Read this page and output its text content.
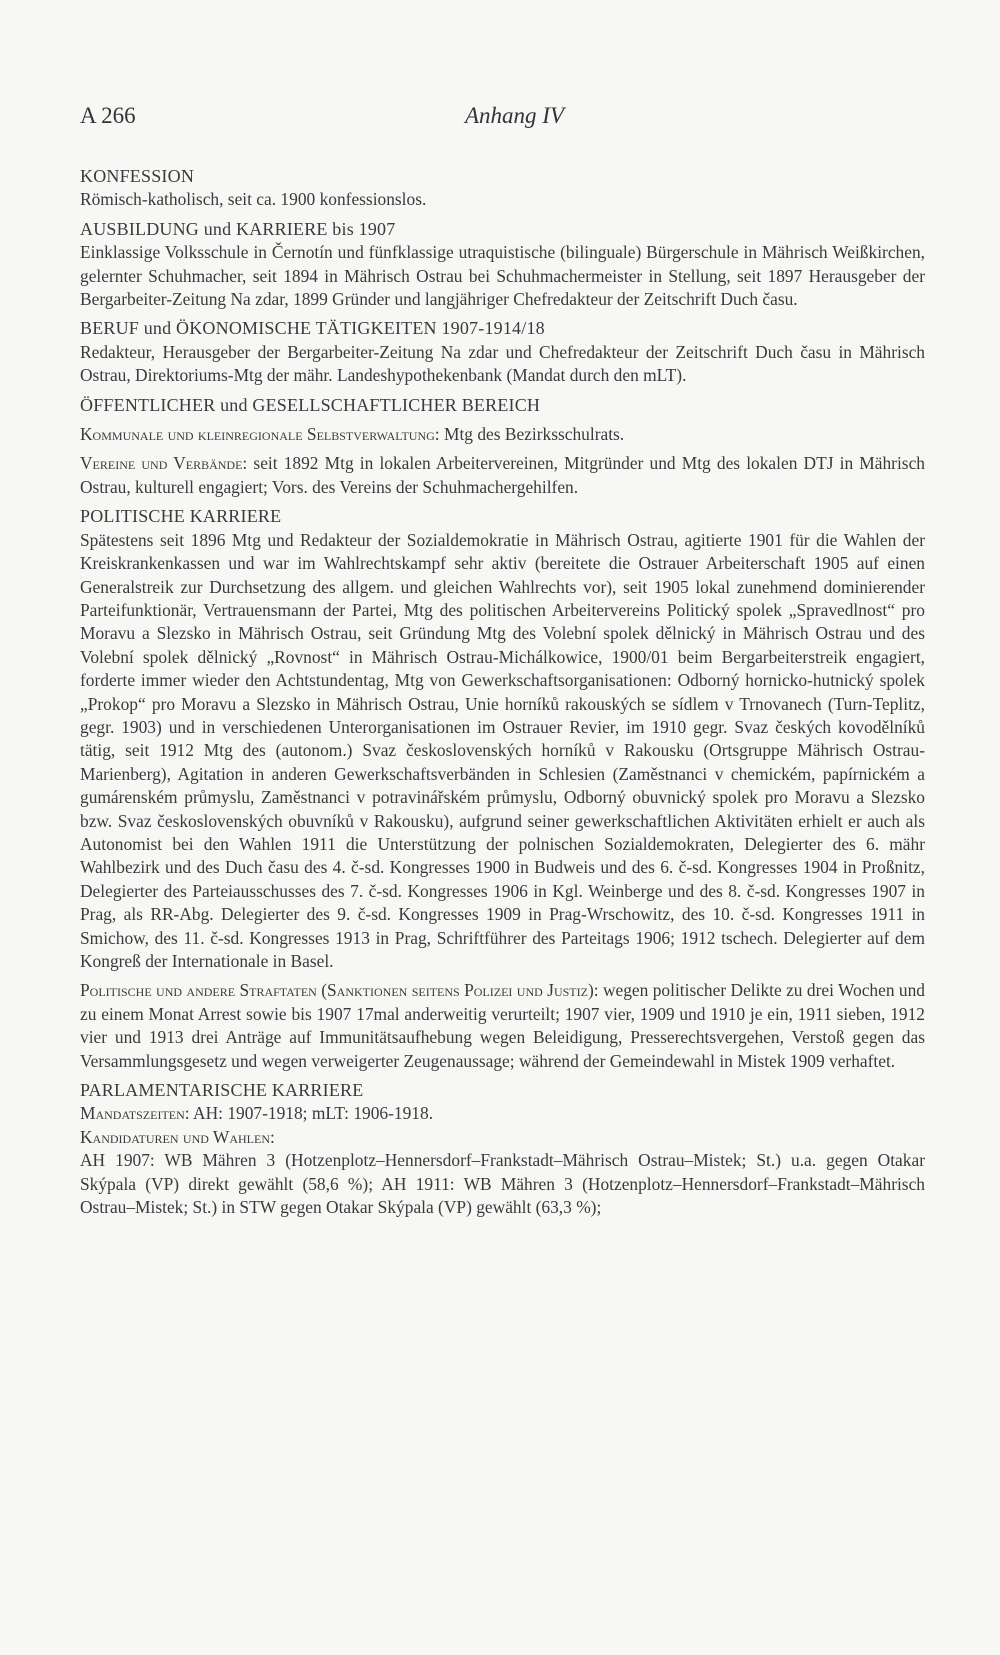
A 266	Anhang IV

KONFESSION

Römisch-katholisch, seit ca. 1900 konfessionslos.

AUSBILDUNG und KARRIERE bis 1907

Einklassige Volksschule in Černotín und fünfklassige utraquistische (bilinguale) Bürgerschule in Mährisch Weißkirchen, gelernter Schuhmacher, seit 1894 in Mährisch Ostrau bei Schuhmachermeister in Stellung, seit 1897 Herausgeber der Bergarbeiter-Zeitung Na zdar, 1899 Gründer und langjähriger Chefredakteur der Zeitschrift Duch času.

BERUF und ÖKONOMISCHE TÄTIGKEITEN 1907-1914/18

Redakteur, Herausgeber der Bergarbeiter-Zeitung Na zdar und Chefredakteur der Zeitschrift Duch času in Mährisch Ostrau, Direktoriums-Mtg der mähr. Landeshypothekenbank (Mandat durch den mLT).

ÖFFENTLICHER und GESELLSCHAFTLICHER BEREICH

Kommunale und kleinregionale Selbstverwaltung: Mtg des Bezirksschulrats.

Vereine und Verbände: seit 1892 Mtg in lokalen Arbeitervereinen, Mitgründer und Mtg des lokalen DTJ in Mährisch Ostrau, kulturell engagiert; Vors. des Vereins der Schuhmachergehilfen.

POLITISCHE KARRIERE

Spätestens seit 1896 Mtg und Redakteur der Sozialdemokratie in Mährisch Ostrau, agitierte 1901 für die Wahlen der Kreiskrankenkassen und war im Wahlrechtskampf sehr aktiv (bereitete die Ostrauer Arbeiterschaft 1905 auf einen Generalstreik zur Durchsetzung des allgem. und gleichen Wahlrechts vor), seit 1905 lokal zunehmend dominierender Parteifunktionär, Vertrauensmann der Partei, Mtg des politischen Arbeitervereins Politický spolek „Spravedlnost“ pro Moravu a Slezsko in Mährisch Ostrau, seit Gründung Mtg des Volební spolek dělnický in Mährisch Ostrau und des Volební spolek dělnický „Rovnost“ in Mährisch Ostrau-Michálkowice, 1900/01 beim Bergarbeiterstreik engagiert, forderte immer wieder den Achtstundentag, Mtg von Gewerkschaftsorganisationen: Odborný hornicko-hutnický spolek „Prokop“ pro Moravu a Slezsko in Mährisch Ostrau, Unie horníků rakouských se sídlem v Trnovanech (Turn-Teplitz, gegr. 1903) und in verschiedenen Unterorganisationen im Ostrauer Revier, im 1910 gegr. Svaz českých kovodělníků tätig, seit 1912 Mtg des (autonom.) Svaz československých horníků v Rakousku (Ortsgruppe Mährisch Ostrau-Marienberg), Agitation in anderen Gewerkschaftsverbänden in Schlesien (Zaměstnanci v chemickém, papírnickém a gumárenském průmyslu, Zaměstnanci v potravinářském průmyslu, Odborný obuvnický spolek pro Moravu a Slezsko bzw. Svaz československých obuvníků v Rakousku), aufgrund seiner gewerkschaftlichen Aktivitäten erhielt er auch als Autonomist bei den Wahlen 1911 die Unterstützung der polnischen Sozialdemokraten, Delegierter des 6. mähr Wahlbezirk und des Duch času des 4. č-sd. Kongresses 1900 in Budweis und des 6. č-sd. Kongresses 1904 in Proßnitz, Delegierter des Parteiausschusses des 7. č-sd. Kongresses 1906 in Kgl. Weinberge und des 8. č-sd. Kongresses 1907 in Prag, als RR-Abg. Delegierter des 9. č-sd. Kongresses 1909 in Prag-Wrschowitz, des 10. č-sd. Kongresses 1911 in Smichow, des 11. č-sd. Kongresses 1913 in Prag, Schriftführer des Parteitags 1906; 1912 tschech. Delegierter auf dem Kongreß der Internationale in Basel.

Politische und andere Straftaten (Sanktionen seitens Polizei und Justiz): wegen politischer Delikte zu drei Wochen und zu einem Monat Arrest sowie bis 1907 17mal anderweitig verurteilt; 1907 vier, 1909 und 1910 je ein, 1911 sieben, 1912 vier und 1913 drei Anträge auf Immunitätsaufhebung wegen Beleidigung, Presserechtsvergehen, Verstoß gegen das Versammlungsgesetz und wegen verweigerter Zeugenaussage; während der Gemeindewahl in Mistek 1909 verhaftet.

PARLAMENTARISCHE KARRIERE

Mandatszeiten: AH: 1907-1918; mLT: 1906-1918.

Kandidaturen und Wahlen:

AH 1907: WB Mähren 3 (Hotzenplotz–Hennersdorf–Frankstadt–Mährisch Ostrau–Mistek; St.) u.a. gegen Otakar Skýpala (VP) direkt gewählt (58,6 %); AH 1911: WB Mähren 3 (Hotzenplotz–Hennersdorf–Frankstadt–Mährisch Ostrau–Mistek; St.) in STW gegen Otakar Skýpala (VP) gewählt (63,3 %);
